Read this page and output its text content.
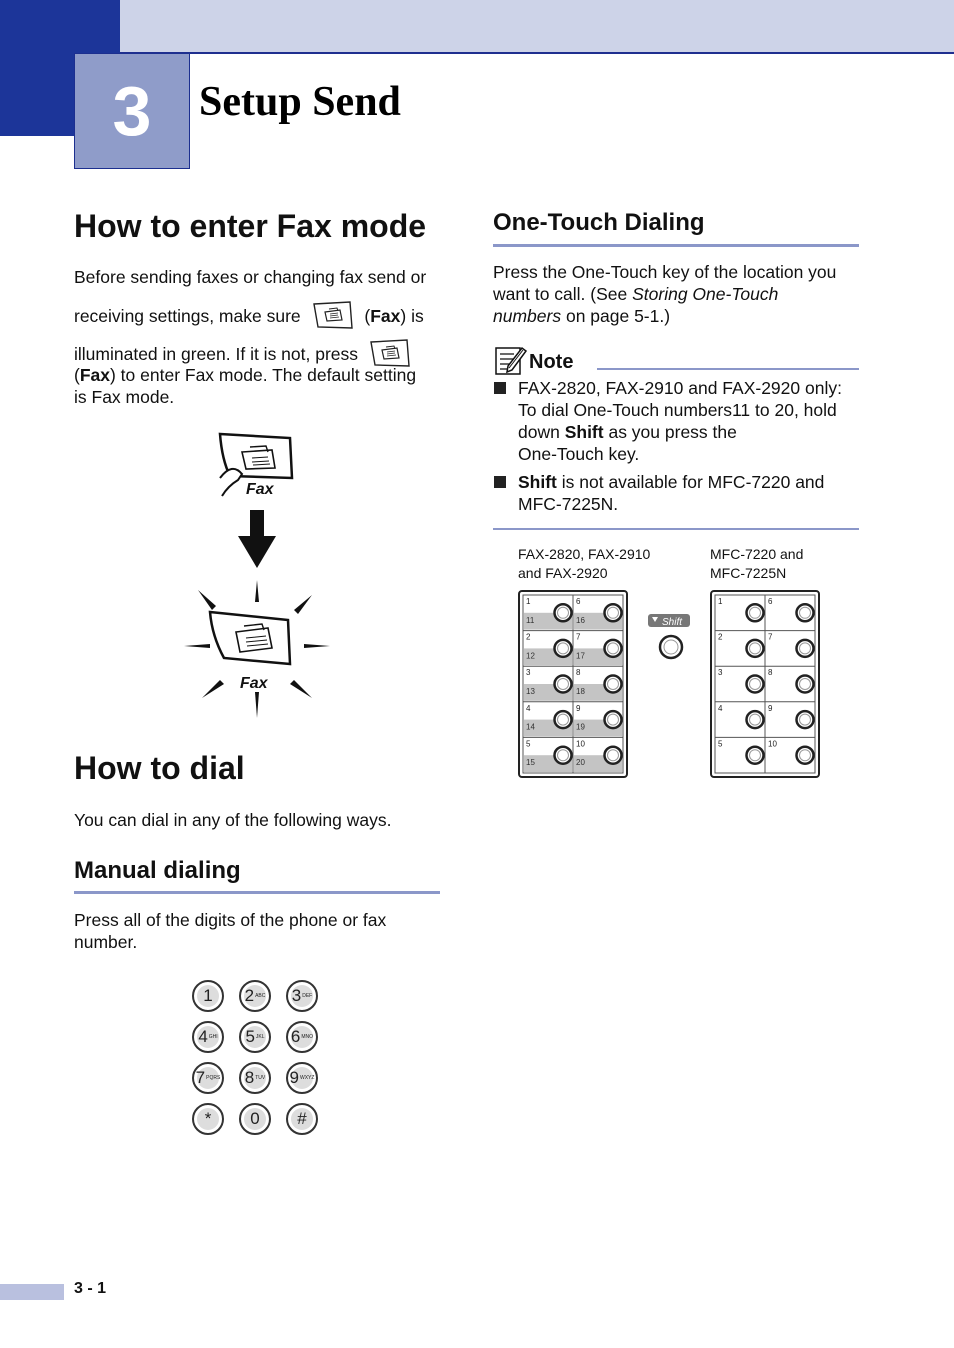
3	Setup Send
How to enter Fax mode
Before sending faxes or changing fax send or
receiving settings, make sure	(Fax) is
illuminated in green. If it is not, press
(Fax) to enter Fax mode. The default setting
is Fax mode.
Fax
Fax
How to dial
You can dial in any of the following ways.
Manual dialing
Press all of the digits of the phone or fax
number.
1 2 ABC 3 DEF
4 GHI 5 JKL 6 MNO
7 PQRS 8 TUV 9 WXYZ
* 0 #
One-Touch Dialing
Press the One-Touch key of the location you
want to call. (See Storing One-Touch
numbers on page 5-1.)
Note
FAX-2820, FAX-2910 and FAX-2920 only:
To dial One-Touch numbers11 to 20, hold
down Shift as you press the
One-Touch key.
Shift is not available for MFC-7220 and
MFC-7225N.
FAX-2820, FAX-2910
and FAX-2920
MFC-7220 and
MFC-7225N
11
1
12
2
13
3
14
4
15
5
16
6
17
7
18
8
19
9
20
10
Shift
1
2
3
4
5
6
7
8
9
10
3 - 1
